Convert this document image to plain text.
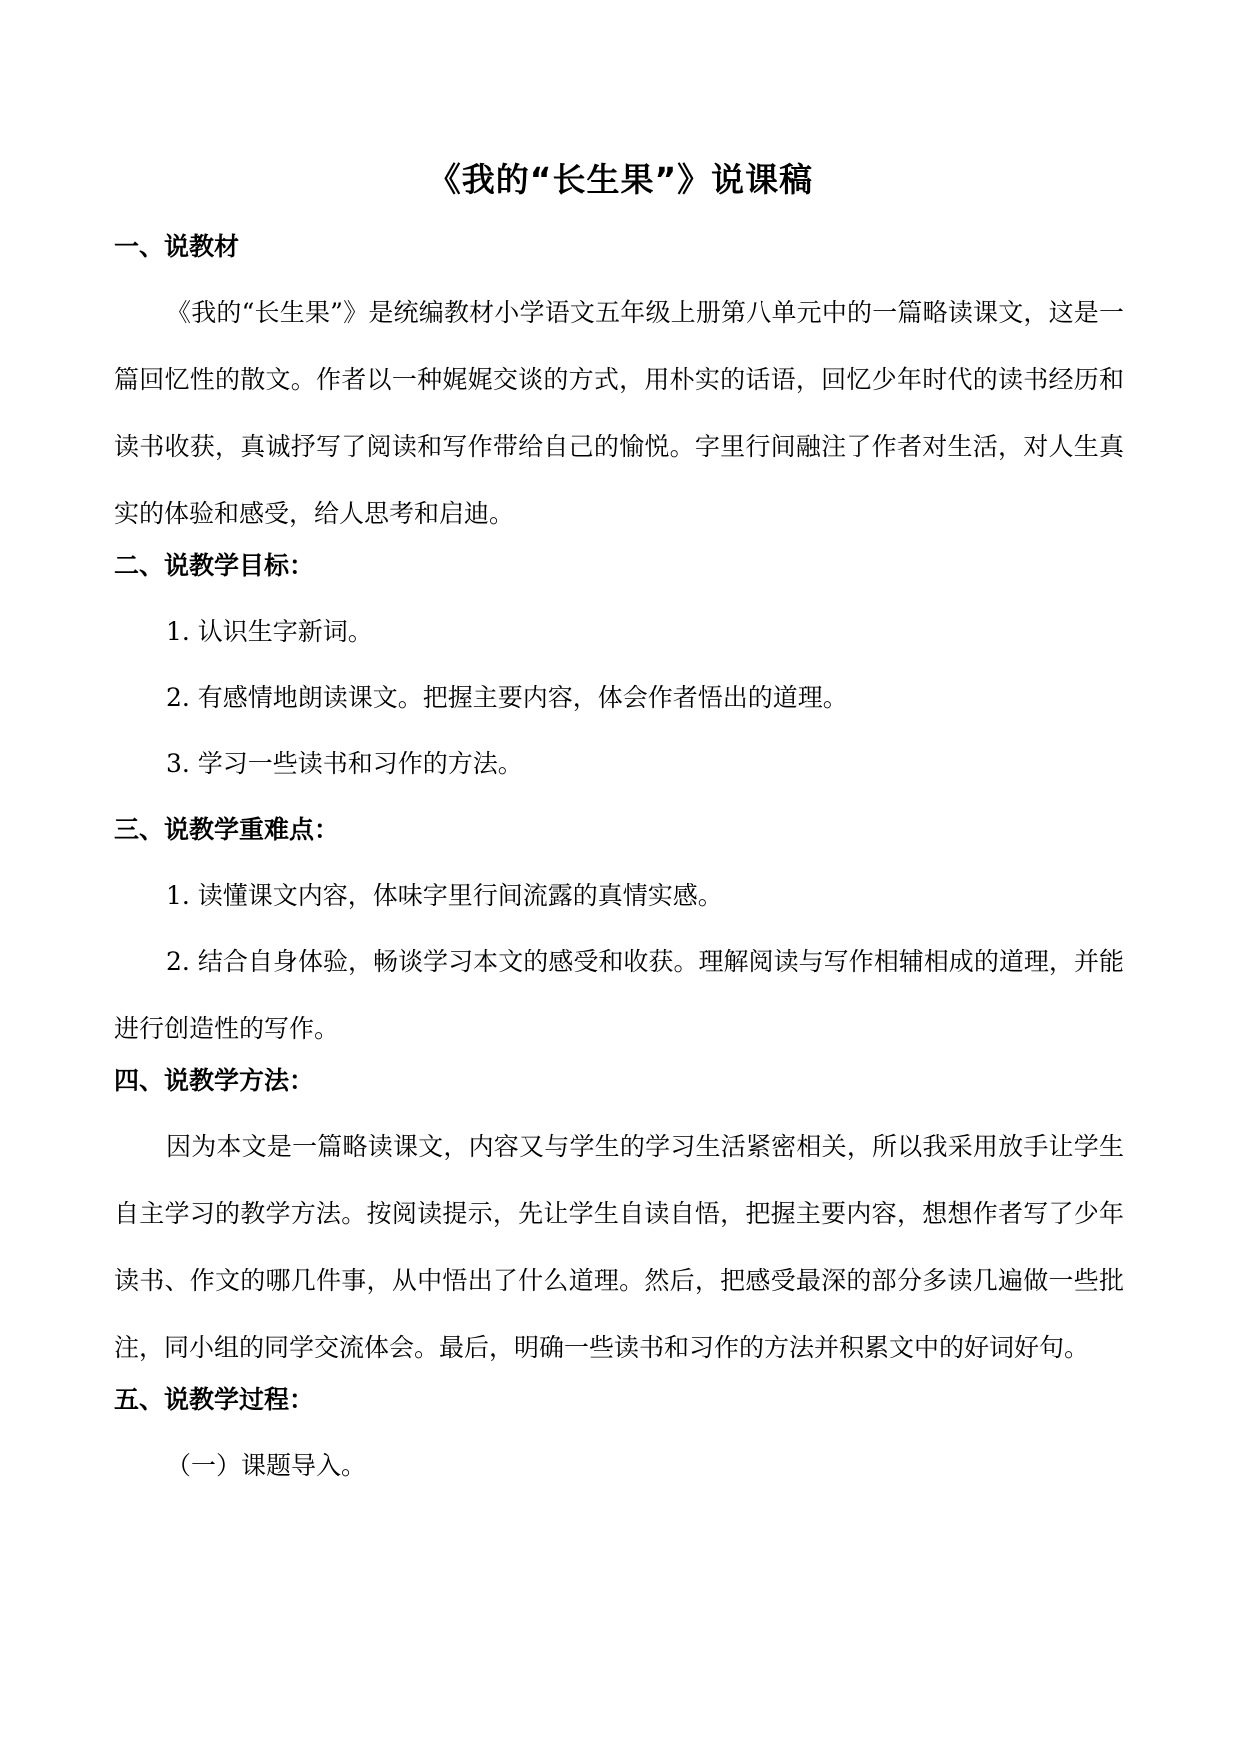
《我的“长生果”》说课稿
一、说教材

《我的“长生果”》是统编教材小学语文五年级上册第八单元中的一篇略读课文，这是一篇回忆性的散文。作者以一种娓娓交谈的方式，用朴实的话语，回忆少年时代的读书经历和读书收获，真诚抒写了阅读和写作带给自己的愉悦。字里行间融注了作者对生活，对人生真实的体验和感受，给人思考和启迪。

二、说教学目标：
1. 认识生字新词。
2. 有感情地朗读课文。把握主要内容，体会作者悟出的道理。
3. 学习一些读书和习作的方法。
三、说教学重难点：
1. 读懂课文内容，体味字里行间流露的真情实感。

2. 结合自身体验，畅谈学习本文的感受和收获。理解阅读与写作相辅相成的道理，并能进行创造性的写作。

四、说教学方法：

因为本文是一篇略读课文，内容又与学生的学习生活紧密相关，所以我采用放手让学生自主学习的教学方法。按阅读提示，先让学生自读自悟，把握主要内容，想想作者写了少年读书、作文的哪几件事，从中悟出了什么道理。然后，把感受最深的部分多读几遍做一些批注，同小组的同学交流体会。最后，明确一些读书和习作的方法并积累文中的好词好句。

五、说教学过程：
（一）课题导入。
